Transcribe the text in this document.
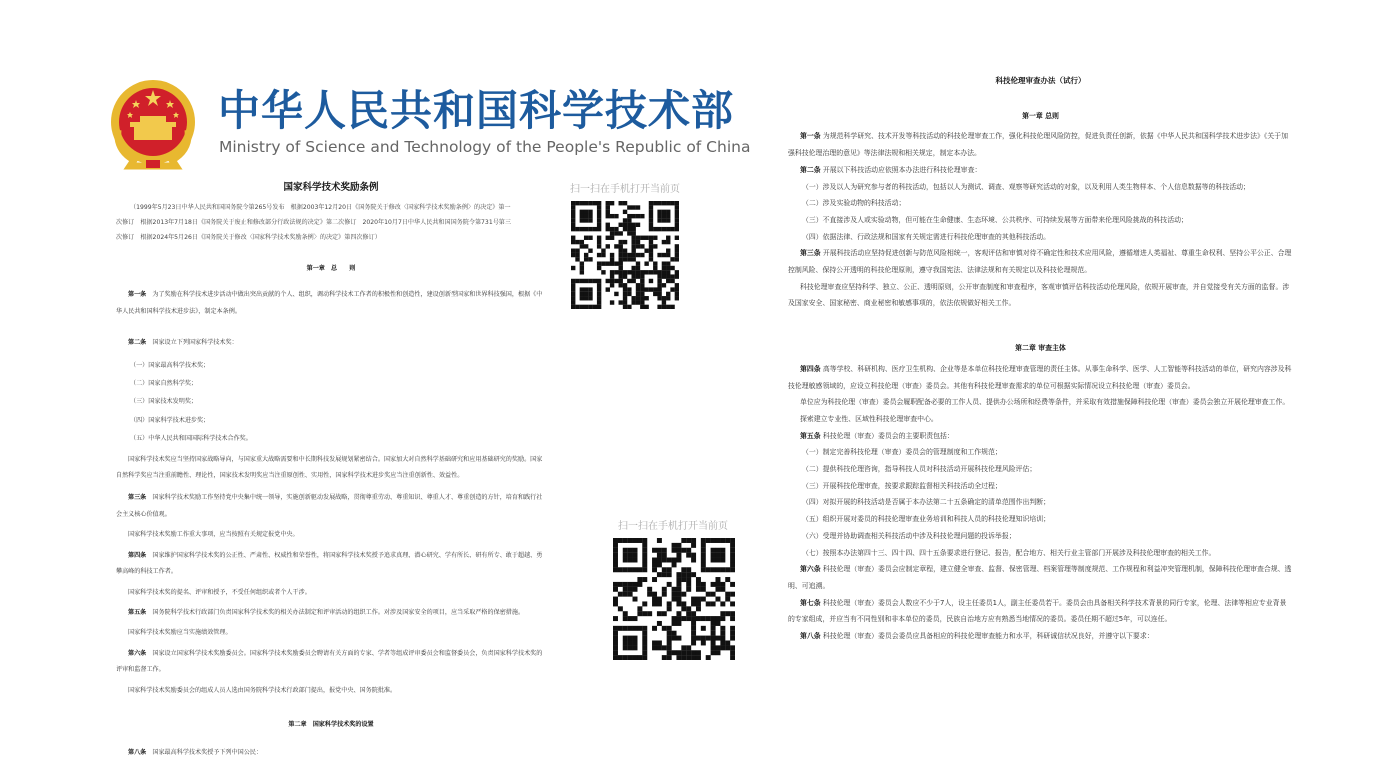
中华人民共和国科学技术部
Ministry of Science and Technology of the People's Republic of China
国家科学技术奖励条例

（1999年5月23日中华人民共和国国务院令第265号发布　根据2003年12月20日《国务院关于修改〈国家科学技术奖励条例〉的决定》第一

次修订　根据2013年7月18日《国务院关于废止和修改部分行政法规的决定》第二次修订　2020年10月7日中华人民共和国国务院令第731号第三

次修订　根据2024年5月26日《国务院关于修改〈国家科学技术奖励条例〉的决定》第四次修订）

第一章　总　　则

第一条　为了奖励在科学技术进步活动中做出突出贡献的个人、组织，调动科学技术工作者的积极性和创造性，建设创新型国家和世界科技强国，根据《中华人民共和国科学技术进步法》，制定本条例。

第二条　国家设立下列国家科学技术奖：

（一）国家最高科学技术奖；

（二）国家自然科学奖；

（三）国家技术发明奖；

（四）国家科学技术进步奖；

（五）中华人民共和国国际科学技术合作奖。

国家科学技术奖应当坚持国家战略导向，与国家重大战略需要和中长期科技发展规划紧密结合。国家加大对自然科学基础研究和应用基础研究的奖励。国家自然科学奖应当注重前瞻性、理论性，国家技术发明奖应当注重原创性、实用性，国家科学技术进步奖应当注重创新性、效益性。

第三条　国家科学技术奖励工作坚持党中央集中统一领导，实施创新驱动发展战略，贯彻尊重劳动、尊重知识、尊重人才、尊重创造的方针，培育和践行社会主义核心价值观。

国家科学技术奖励工作重大事项，应当按照有关规定报党中央。

第四条　国家维护国家科学技术奖的公正性、严肃性、权威性和荣誉性，将国家科学技术奖授予追求真理、潜心研究、学有所长、研有所专、敢于超越、勇攀高峰的科技工作者。

国家科学技术奖的提名、评审和授予，不受任何组织或者个人干涉。

第五条　国务院科学技术行政部门负责国家科学技术奖的相关办法制定和评审活动的组织工作。对涉及国家安全的项目，应当采取严格的保密措施。

国家科学技术奖励应当实施绩效管理。

第六条　国家设立国家科学技术奖励委员会。国家科学技术奖励委员会聘请有关方面的专家、学者等组成评审委员会和监督委员会，负责国家科学技术奖的评审和监督工作。

国家科学技术奖励委员会的组成人员人选由国务院科学技术行政部门提出，报党中央、国务院批准。

第二章　国家科学技术奖的设置

第八条　国家最高科学技术奖授予下列中国公民：

扫一扫在手机打开当前页
扫一扫在手机打开当前页
科技伦理审查办法（试行）
第一章 总则

第一条 为规范科学研究、技术开发等科技活动的科技伦理审查工作，强化科技伦理风险防控，促进负责任创新，依据《中华人民共和国科学技术进步法》《关于加强科技伦理治理的意见》等法律法规和相关规定，制定本办法。

第二条 开展以下科技活动应依照本办法进行科技伦理审查：

（一）涉及以人为研究参与者的科技活动，包括以人为测试、调查、观察等研究活动的对象，以及利用人类生物样本、个人信息数据等的科技活动；

（二）涉及实验动物的科技活动；

（三）不直接涉及人或实验动物，但可能在生命健康、生态环境、公共秩序、可持续发展等方面带来伦理风险挑战的科技活动；

（四）依据法律、行政法规和国家有关规定需进行科技伦理审查的其他科技活动。

第三条 开展科技活动应坚持促进创新与防范风险相统一，客观评估和审慎对待不确定性和技术应用风险，遵循增进人类福祉、尊重生命权利、坚持公平公正、合理控制风险、保持公开透明的科技伦理原则，遵守我国宪法、法律法规和有关规定以及科技伦理规范。

科技伦理审查应坚持科学、独立、公正、透明原则，公开审查制度和审查程序，客观审慎评估科技活动伦理风险，依规开展审查，并自觉接受有关方面的监督。涉及国家安全、国家秘密、商业秘密和敏感事项的，依法依规做好相关工作。

第二章 审查主体

第四条 高等学校、科研机构、医疗卫生机构、企业等是本单位科技伦理审查管理的责任主体。从事生命科学、医学、人工智能等科技活动的单位，研究内容涉及科技伦理敏感领域的，应设立科技伦理（审查）委员会。其他有科技伦理审查需求的单位可根据实际情况设立科技伦理（审查）委员会。

单位应为科技伦理（审查）委员会履职配备必要的工作人员、提供办公场所和经费等条件，并采取有效措施保障科技伦理（审查）委员会独立开展伦理审查工作。

探索建立专业性、区域性科技伦理审查中心。

第五条 科技伦理（审查）委员会的主要职责包括：

（一）制定完善科技伦理（审查）委员会的管理制度和工作规范；

（二）提供科技伦理咨询，指导科技人员对科技活动开展科技伦理风险评估；

（三）开展科技伦理审查，按要求跟踪监督相关科技活动全过程；

（四）对拟开展的科技活动是否属于本办法第二十五条确定的清单范围作出判断；

（五）组织开展对委员的科技伦理审查业务培训和科技人员的科技伦理知识培训；

（六）受理并协助调查相关科技活动中涉及科技伦理问题的投诉举报；

（七）按照本办法第四十三、四十四、四十五条要求进行登记、报告，配合地方、相关行业主管部门开展涉及科技伦理审查的相关工作。

第六条 科技伦理（审查）委员会应制定章程，建立健全审查、监督、保密管理、档案管理等制度规范、工作规程和利益冲突管理机制，保障科技伦理审查合规、透明、可追溯。

第七条 科技伦理（审查）委员会人数应不少于7人，设主任委员1人，副主任委员若干。委员会由具备相关科学技术背景的同行专家，伦理、法律等相应专业背景的专家组成，并应当有不同性别和非本单位的委员，民族自治地方应有熟悉当地情况的委员。委员任期不超过5年，可以连任。

第八条 科技伦理（审查）委员会委员应具备相应的科技伦理审查能力和水平，科研诚信状况良好，并遵守以下要求：
